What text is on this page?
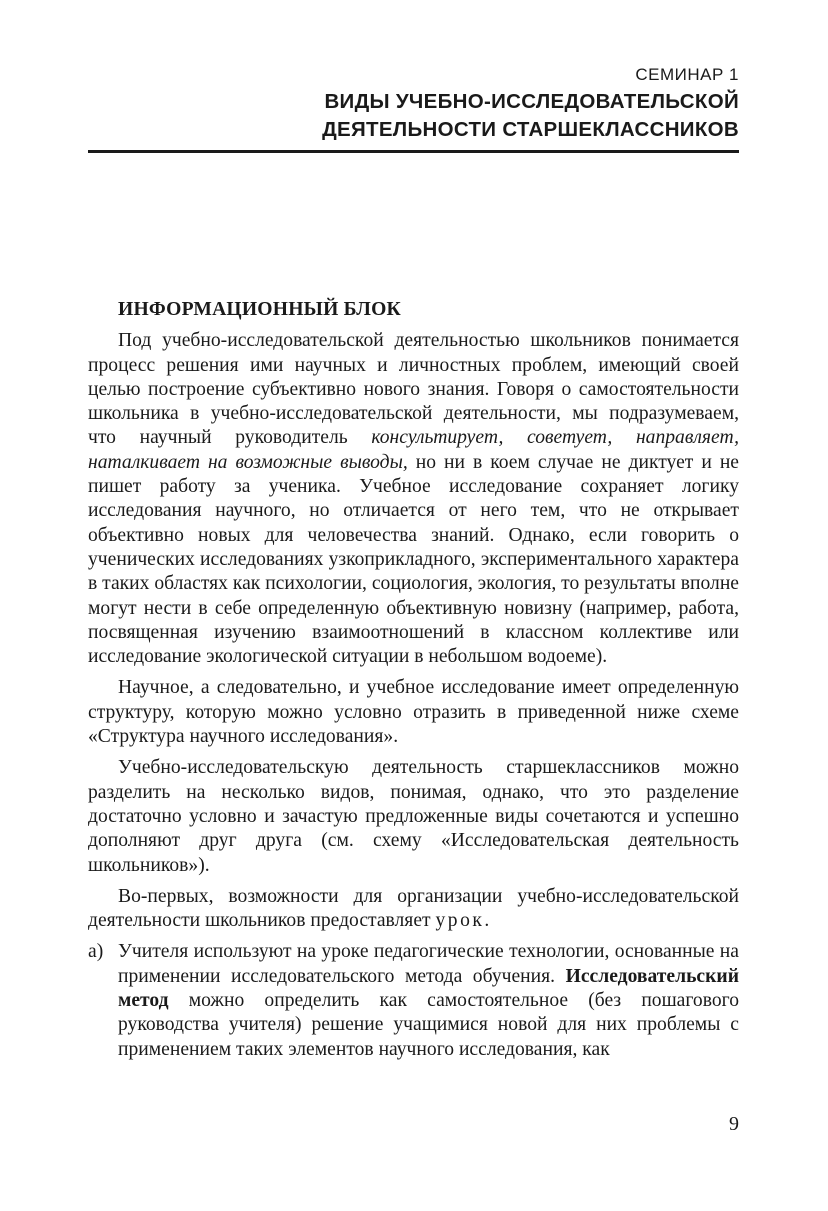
СЕМИНАР 1
ВИДЫ УЧЕБНО-ИССЛЕДОВАТЕЛЬСКОЙ
ДЕЯТЕЛЬНОСТИ СТАРШЕКЛАССНИКОВ
ИНФОРМАЦИОННЫЙ БЛОК

Под учебно-исследовательской деятельностью школьников понимается процесс решения ими научных и личностных проблем, имеющий своей целью построение субъективно нового знания. Говоря о самостоятельности школьника в учебно-исследовательской деятельности, мы подразумеваем, что научный руководитель консультирует, советует, направляет, наталкивает на возможные выводы, но ни в коем случае не диктует и не пишет работу за ученика. Учебное исследование сохраняет логику исследования научного, но отличается от него тем, что не открывает объективно новых для человечества знаний. Однако, если говорить о ученических исследованиях узкоприкладного, экспериментального характера в таких областях как психологии, социология, экология, то результаты вполне могут нести в себе определенную объективную новизну (например, работа, посвященная изучению взаимоотношений в классном коллективе или исследование экологической ситуации в небольшом водоеме).

Научное, а следовательно, и учебное исследование имеет определенную структуру, которую можно условно отразить в приведенной ниже схеме «Структура научного исследования».

Учебно-исследовательскую деятельность старшеклассников можно разделить на несколько видов, понимая, однако, что это разделение достаточно условно и зачастую предложенные виды сочетаются и успешно дополняют друг друга (см. схему «Исследовательская деятельность школьников»).

Во-первых, возможности для организации учебно-исследовательской деятельности школьников предоставляет урок.

а) Учителя используют на уроке педагогические технологии, основанные на применении исследовательского метода обучения. Исследовательский метод можно определить как самостоятельное (без пошагового руководства учителя) решение учащимися новой для них проблемы с применением таких элементов научного исследования, как
9
